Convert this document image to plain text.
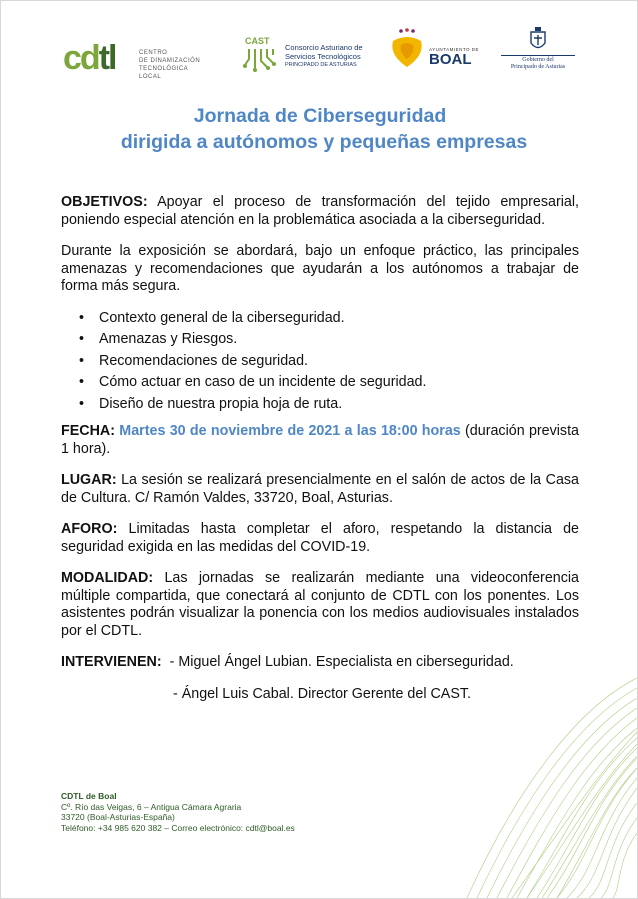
cdtl	CENTRO
DE DINAMIZACIÓN
TECNOLÓGICA LOCAL
CAST
Consorcio Asturiano de
Servicios Tecnológicos
PRINCIPADO DE ASTURIAS
AYUNTAMIENTO DE
BOAL	Gobierno del
Principado de Asturias
Jornada de Ciberseguridad

dirigida a autónomos y pequeñas empresas

OBJETIVOS: Apoyar el proceso de transformación del tejido empresarial, poniendo especial atención en la problemática asociada a la ciberseguridad.

Durante la exposición se abordará, bajo un enfoque práctico, las principales amenazas y recomendaciones que ayudarán a los autónomos a trabajar de forma más segura.

• Contexto general de la ciberseguridad.
• Amenazas y Riesgos.
• Recomendaciones de seguridad.
• Cómo actuar en caso de un incidente de seguridad.
• Diseño de nuestra propia hoja de ruta.

FECHA: Martes 30 de noviembre de 2021 a las 18:00 horas (duración prevista 1 hora).

LUGAR: La sesión se realizará presencialmente en el salón de actos de la Casa de Cultura. C/ Ramón Valdes, 33720, Boal, Asturias.

AFORO: Limitadas hasta completar el aforo, respetando la distancia de seguridad exigida en las medidas del COVID-19.

MODALIDAD: Las jornadas se realizarán mediante una videoconferencia múltiple compartida, que conectará al conjunto de CDTL con los ponentes. Los asistentes podrán visualizar la ponencia con los medios audiovisuales instalados por el CDTL.

INTERVIENEN: - Miguel Ángel Lubian. Especialista en ciberseguridad.

- Ángel Luis Cabal. Director Gerente del CAST.

CDTL de Boal
Cº. Río das Veigas, 6 – Antigua Cámara Agraria
33720 (Boal-Asturias-España)
Teléfono: +34 985 620 382 – Correo electrónico: cdtl@boal.es
